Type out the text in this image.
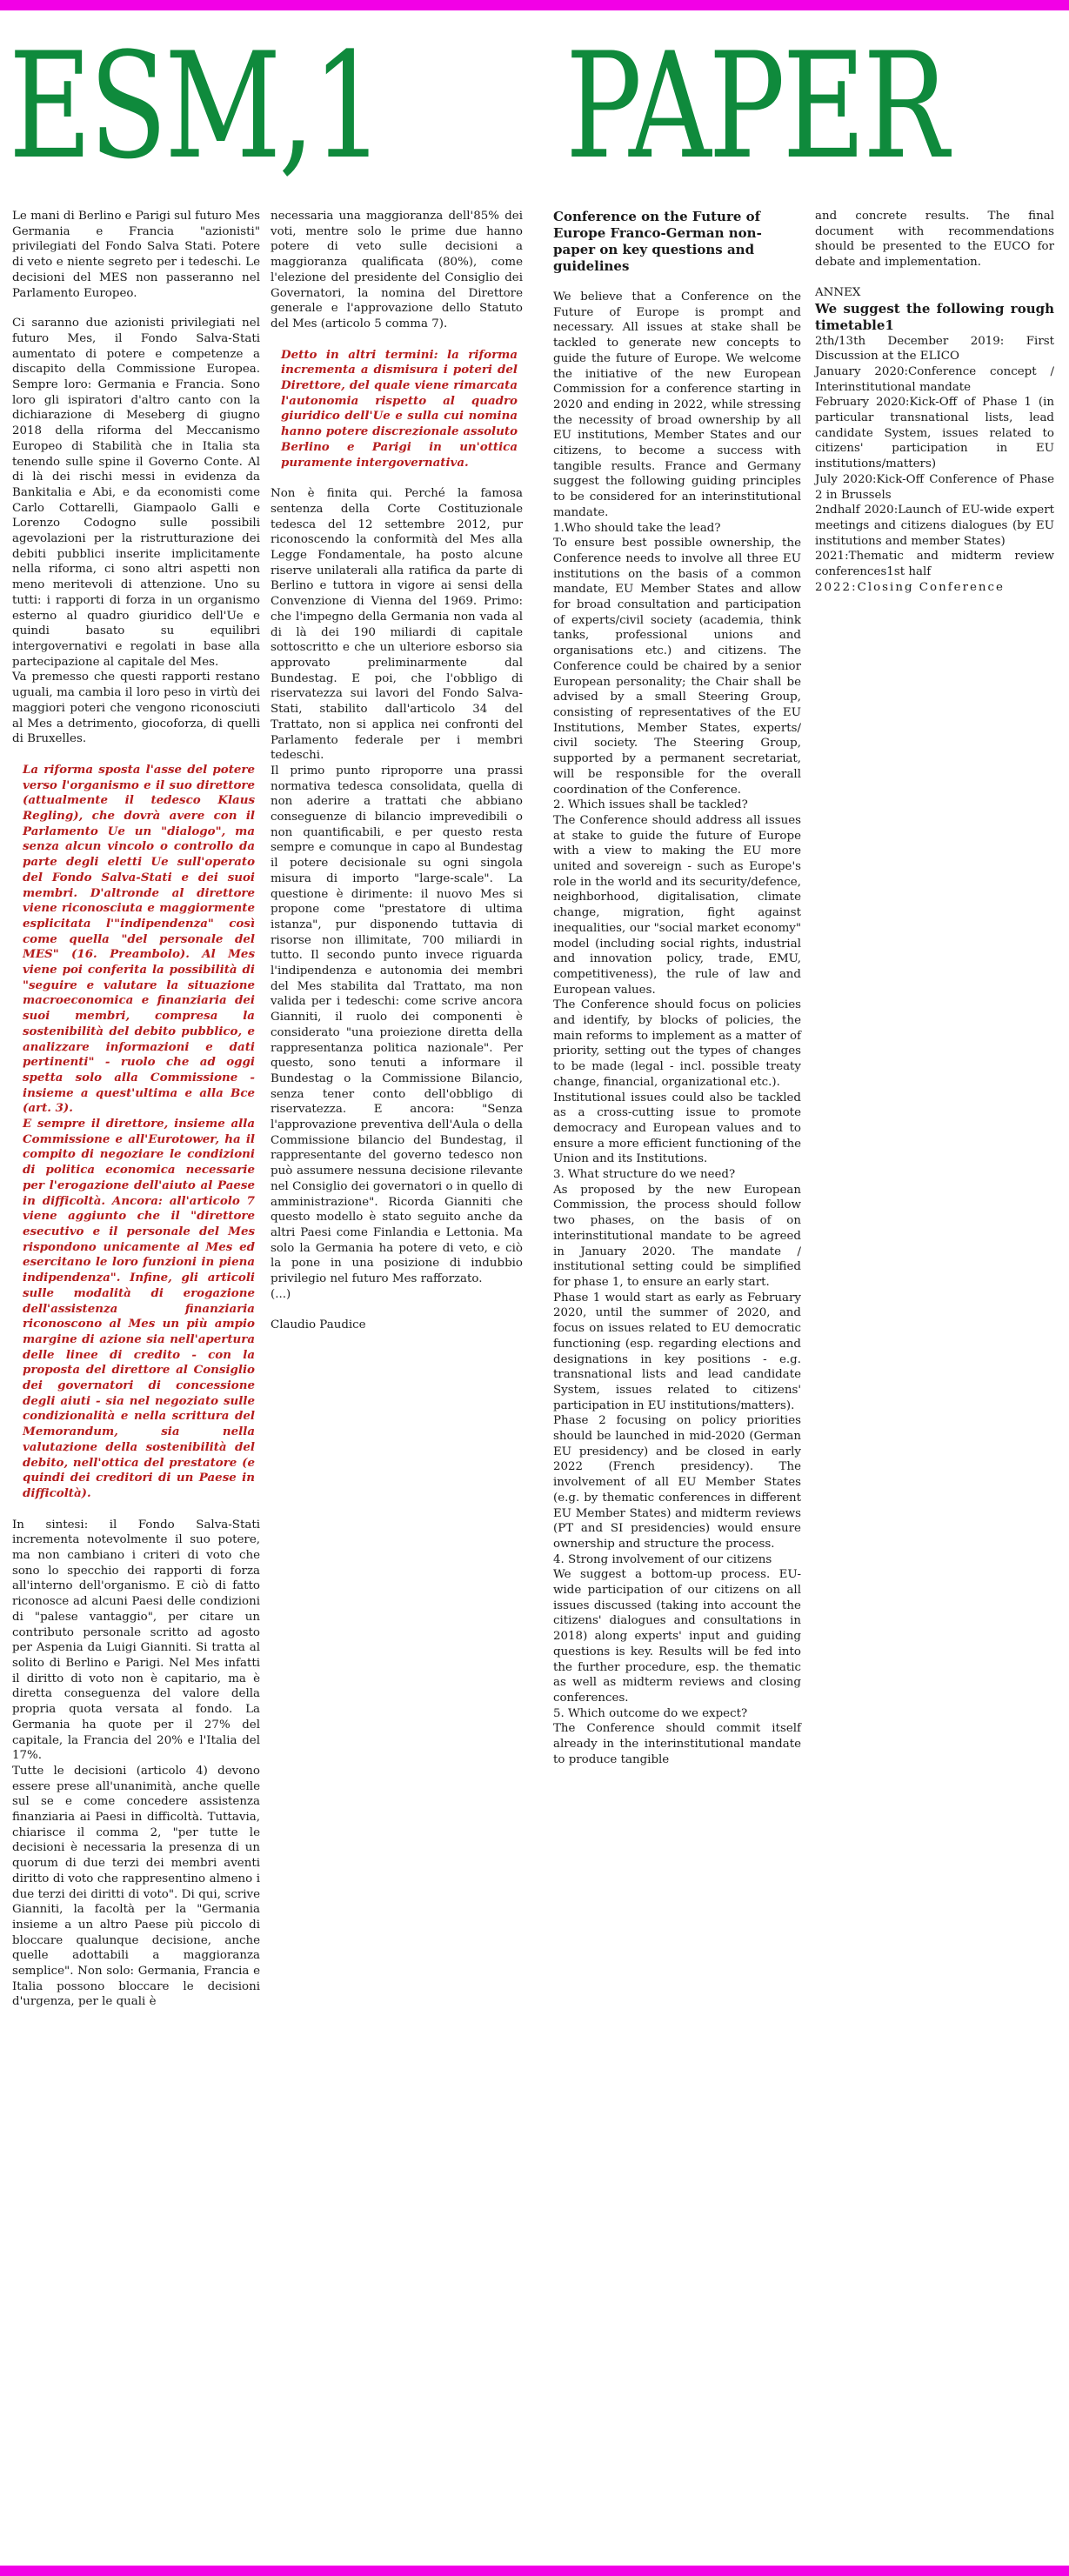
ESM,1 PAPER

Le mani di Berlino e Parigi sul futuro Mes Germania e Francia "azionisti" privilegiati del Fondo Salva Stati. Potere di veto e niente segreto per i tedeschi. Le decisioni del MES non passeranno nel Parlamento Europeo.

Ci saranno due azionisti privilegiati nel futuro Mes, il Fondo Salva-Stati aumentato di potere e competenze a discapito della Commissione Europea. Sempre loro: Germania e Francia. Sono loro gli ispiratori d'altro canto con la dichiarazione di Meseberg di giugno 2018 della riforma del Meccanismo Europeo di Stabilità che in Italia sta tenendo sulle spine il Governo Conte. Al di là dei rischi messi in evidenza da Bankitalia e Abi, e da economisti come Carlo Cottarelli, Giampaolo Galli e Lorenzo Codogno sulle possibili agevolazioni per la ristrutturazione dei debiti pubblici inserite implicitamente nella riforma, ci sono altri aspetti non meno meritevoli di attenzione. Uno su tutti: i rapporti di forza in un organismo esterno al quadro giuridico dell'Ue e quindi basato su equilibri intergovernativi e regolati in base alla partecipazione al capitale del Mes.

Va premesso che questi rapporti restano uguali, ma cambia il loro peso in virtù dei maggiori poteri che vengono riconosciuti al Mes a detrimento, giocoforza, di quelli di Bruxelles.

La riforma sposta l'asse del potere verso l'organismo e il suo direttore (attualmente il tedesco Klaus Regling), che dovrà avere con il Parlamento Ue un "dialogo", ma senza alcun vincolo o controllo da parte degli eletti Ue sull'operato del Fondo Salva-Stati e dei suoi membri. D'altronde al direttore viene riconosciuta e maggiormente esplicitata l'"indipendenza" così come quella "del personale del MES" (16. Preambolo). Al Mes viene poi conferita la possibilità di "seguire e valutare la situazione macroeconomica e finanziaria dei suoi membri, compresa la sostenibilità del debito pubblico, e analizzare informazioni e dati pertinenti" - ruolo che ad oggi spetta solo alla Commissione - insieme a quest'ultima e alla Bce (art. 3).

E sempre il direttore, insieme alla Commissione e all'Eurotower, ha il compito di negoziare le condizioni di politica economica necessarie per l'erogazione dell'aiuto al Paese in difficoltà. Ancora: all'articolo 7 viene aggiunto che il "direttore esecutivo e il personale del Mes rispondono unicamente al Mes ed esercitano le loro funzioni in piena indipendenza". Infine, gli articoli sulle modalità di erogazione dell'assistenza finanziaria riconoscono al Mes un più ampio margine di azione sia nell'apertura delle linee di credito - con la proposta del direttore al Consiglio dei governatori di concessione degli aiuti - sia nel negoziato sulle condizionalità e nella scrittura del Memorandum, sia nella valutazione della sostenibilità del debito, nell'ottica del prestatore (e quindi dei creditori di un Paese in difficoltà).

In sintesi: il Fondo Salva-Stati incrementa notevolmente il suo potere, ma non cambiano i criteri di voto che sono lo specchio dei rapporti di forza all'interno dell'organismo. E ciò di fatto riconosce ad alcuni Paesi delle condizioni di "palese vantaggio", per citare un contributo personale scritto ad agosto per Aspenia da Luigi Gianniti. Si tratta al solito di Berlino e Parigi. Nel Mes infatti il diritto di voto non è capitario, ma è diretta conseguenza del valore della propria quota versata al fondo. La Germania ha quote per il 27% del capitale, la Francia del 20% e l'Italia del 17%.

Tutte le decisioni (articolo 4) devono essere prese all'unanimità, anche quelle sul se e come concedere assistenza finanziaria ai Paesi in difficoltà. Tuttavia, chiarisce il comma 2, "per tutte le decisioni è necessaria la presenza di un quorum di due terzi dei membri aventi diritto di voto che rappresentino almeno i due terzi dei diritti di voto". Di qui, scrive Gianniti, la facoltà per la "Germania insieme a un altro Paese più piccolo di bloccare qualunque decisione, anche quelle adottabili a maggioranza semplice". Non solo: Germania, Francia e Italia possono bloccare le decisioni d'urgenza, per le quali è

necessaria una maggioranza dell'85% dei voti, mentre solo le prime due hanno potere di veto sulle decisioni a maggioranza qualificata (80%), come l'elezione del presidente del Consiglio dei Governatori, la nomina del Direttore generale e l'approvazione dello Statuto del Mes (articolo 5 comma 7).

Detto in altri termini: la riforma incrementa a dismisura i poteri del Direttore, del quale viene rimarcata l'autonomia rispetto al quadro giuridico dell'Ue e sulla cui nomina hanno potere discrezionale assoluto Berlino e Parigi in un'ottica puramente intergovernativa.

Non è finita qui. Perché la famosa sentenza della Corte Costituzionale tedesca del 12 settembre 2012, pur riconoscendo la conformità del Mes alla Legge Fondamentale, ha posto alcune riserve unilaterali alla ratifica da parte di Berlino e tuttora in vigore ai sensi della Convenzione di Vienna del 1969. Primo: che l'impegno della Germania non vada al di là dei 190 miliardi di capitale sottoscritto e che un ulteriore esborso sia approvato preliminarmente dal Bundestag. E poi, che l'obbligo di riservatezza sui lavori del Fondo Salva-Stati, stabilito dall'articolo 34 del Trattato, non si applica nei confronti del Parlamento federale per i membri tedeschi.

Il primo punto riproporre una prassi normativa tedesca consolidata, quella di non aderire a trattati che abbiano conseguenze di bilancio imprevedibili o non quantificabili, e per questo resta sempre e comunque in capo al Bundestag il potere decisionale su ogni singola misura di importo "large-scale". La questione è dirimente: il nuovo Mes si propone come "prestatore di ultima istanza", pur disponendo tuttavia di risorse non illimitate, 700 miliardi in tutto. Il secondo punto invece riguarda l'indipendenza e autonomia dei membri del Mes stabilita dal Trattato, ma non valida per i tedeschi: come scrive ancora Gianniti, il ruolo dei componenti è considerato "una proiezione diretta della rappresentanza politica nazionale". Per questo, sono tenuti a informare il Bundestag o la Commissione Bilancio, senza tener conto dell'obbligo di riservatezza. E ancora: "Senza l'approvazione preventiva dell'Aula o della Commissione bilancio del Bundestag, il rappresentante del governo tedesco non può assumere nessuna decisione rilevante nel Consiglio dei governatori o in quello di amministrazione". Ricorda Gianniti che questo modello è stato seguito anche da altri Paesi come Finlandia e Lettonia. Ma solo la Germania ha potere di veto, e ciò la pone in una posizione di indubbio privilegio nel futuro Mes rafforzato.

(...)

Claudio Paudice

Conference on the Future of Europe Franco-German non-paper on key questions and guidelines

We believe that a Conference on the Future of Europe is prompt and necessary. All issues at stake shall be tackled to generate new concepts to guide the future of Europe. We welcome the initiative of the new European Commission for a conference starting in 2020 and ending in 2022, while stressing the necessity of broad ownership by all EU institutions, Member States and our citizens, to become a success with tangible results. France and Germany suggest the following guiding principles to be considered for an interinstitutional mandate.

1.Who should take the lead?

To ensure best possible ownership, the Conference needs to involve all three EU institutions on the basis of a common mandate, EU Member States and allow for broad consultation and participation of experts/civil society (academia, think tanks, professional unions and organisations etc.) and citizens. The Conference could be chaired by a senior European personality; the Chair shall be advised by a small Steering Group, consisting of representatives of the EU Institutions, Member States, experts/ civil society. The Steering Group, supported by a permanent secretariat, will be responsible for the overall coordination of the Conference.

2. Which issues shall be tackled?

The Conference should address all issues at stake to guide the future of Europe with a view to making the EU more united and sovereign - such as Europe's role in the world and its security/defence, neighborhood, digitalisation, climate change, migration, fight against inequalities, our "social market economy" model (including social rights, industrial and innovation policy, trade, EMU, competitiveness), the rule of law and European values.

The Conference should focus on policies and identify, by blocks of policies, the main reforms to implement as a matter of priority, setting out the types of changes to be made (legal - incl. possible treaty change, financial, organizational etc.).

Institutional issues could also be tackled as a cross-cutting issue to promote democracy and European values and to ensure a more efficient functioning of the Union and its Institutions.

3. What structure do we need?

As proposed by the new European Commission, the process should follow two phases, on the basis of on interinstitutional mandate to be agreed in January 2020. The mandate / institutional setting could be simplified for phase 1, to ensure an early start.

Phase 1 would start as early as February 2020, until the summer of 2020, and focus on issues related to EU democratic functioning (esp. regarding elections and designations in key positions - e.g. transnational lists and lead candidate System, issues related to citizens' participation in EU institutions/matters).

Phase 2 focusing on policy priorities should be launched in mid-2020 (German EU presidency) and be closed in early 2022 (French presidency). The involvement of all EU Member States (e.g. by thematic conferences in different EU Member States) and midterm reviews (PT and SI presidencies) would ensure ownership and structure the process.

4. Strong involvement of our citizens

We suggest a bottom-up process. EU-wide participation of our citizens on all issues discussed (taking into account the citizens' dialogues and consultations in 2018) along experts' input and guiding questions is key. Results will be fed into the further procedure, esp. the thematic as well as midterm reviews and closing conferences.

5. Which outcome do we expect?

The Conference should commit itself already in the interinstitutional mandate to produce tangible

and concrete results. The final document with recommendations should be presented to the EUCO for debate and implementation.

ANNEX

We suggest the following rough timetable1

2th/13th December 2019: First Discussion at the ELICO

January 2020:Conference concept / Interinstitutional mandate

February 2020:Kick-Off of Phase 1 (in particular transnational lists, lead candidate System, issues related to citizens' participation in EU institutions/matters)

July 2020:Kick-Off Conference of Phase 2 in Brussels

2ndhalf 2020:Launch of EU-wide expert meetings and citizens dialogues (by EU institutions and member States)

2021:Thematic and midterm review conferences1st half

2022:Closing Conference
